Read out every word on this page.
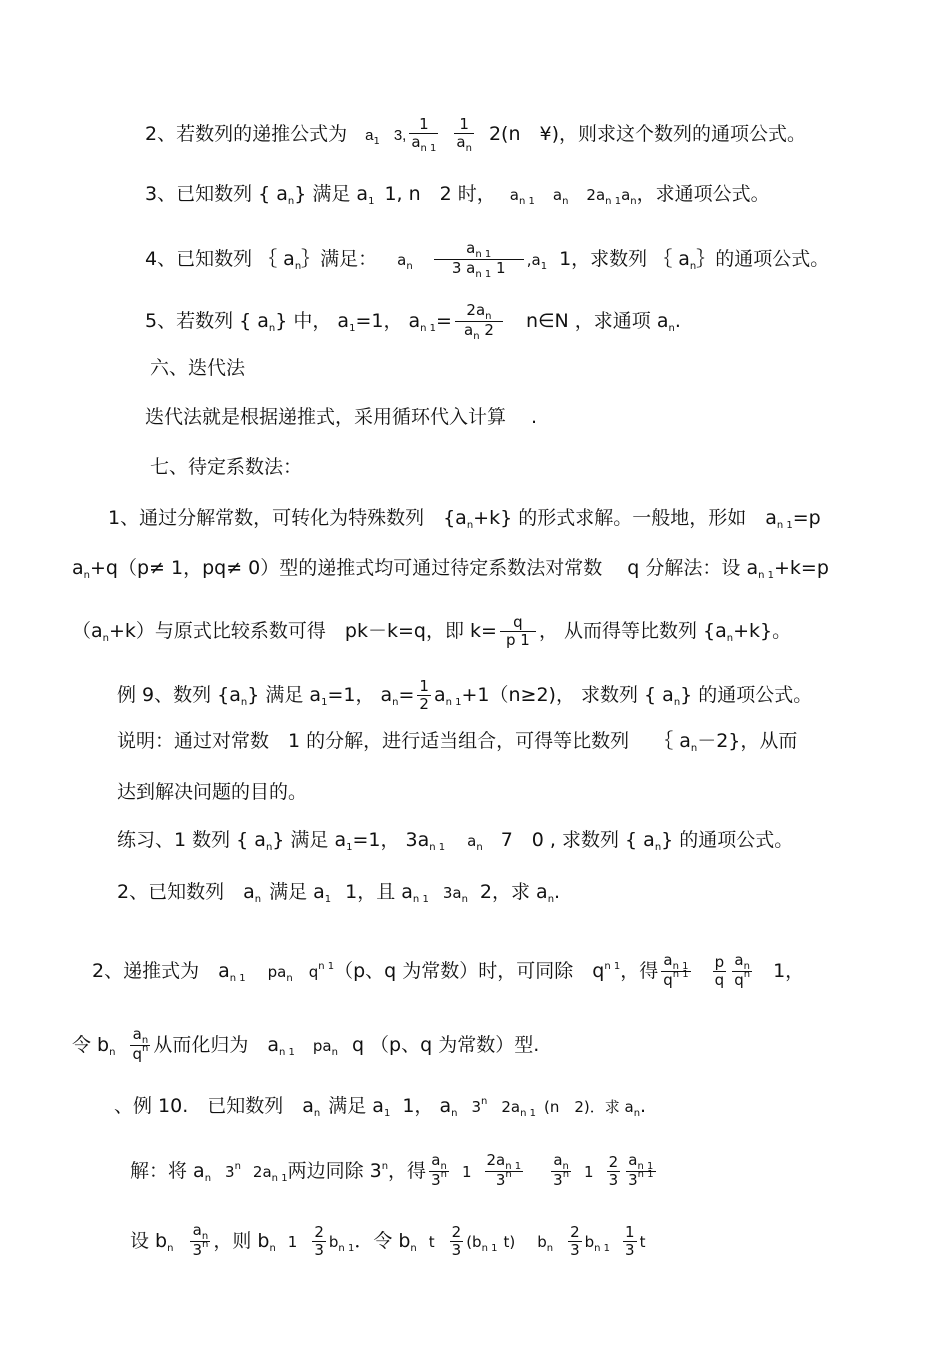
2、若数列的递推公式为 $a_1$ 3, $\frac{1}{a_{n 1}} \frac{1}{a_n} 2(n$　¥)，则求这个数列的通项公式。
3、已知数列 { $a_n$} 满足 $a_1$ 1, n　2 时， $a_{n 1}$ $a_n$ $2a_{n 1}a_n$，求通项公式。
4、已知数列 ｛ $a_n\}$满足： $a_n \frac{a_{n 1}}{3 a_{n 1} 1} ,a_1$ 1，求数列 ｛ $a_n\}$的通项公式。
5、若数列 { $a_n$} 中， $a_1=1$， $a_{n 1}= \frac{2a_n}{a_n 2}$ n∈N ，求通项 $a_n$.
六、迭代法
迭代法就是根据递推式，采用循环代入计算　 .
七、待定系数法：
1、通过分解常数，可转化为特殊数列　$\{a_n+k\}$ 的形式求解。一般地，形如　$a_{n 1}=p$
$a_n+q(p\ne 1$，pq≠ 0）型的递推式均可通过待定系数法对常数　 q 分解法：设 $a_{n 1}+k=p$
$(a_n+k)$与原式比较系数可得　pk－k=q，即 $k= \frac{q}{p 1}$ ， 从而得等比数列 $\{a_n+k\}$。
例 9、数列 $\{a_n\}$ 满足 $a_1=1$， $a_n= \frac{1}{2} a_{n 1}+1(n\ge 2)$， 求数列 { $a_n$} 的通项公式。
说明：通过对常数　1 的分解，进行适当组合，可得等比数列　 ｛ $a_n-2$}，从而
达到解决问题的目的。
练习、1 数列 { $a_n$} 满足 $a_1=1$， $3a_{n 1}$ $a_n$ 7　0 , 求数列 { $a_n$} 的通项公式。
2、已知数列　$a_n$ 满足 $a_1$ 1，且 $a_{n 1}$ $3a_n$ 2，求 $a_n$.
2、递推式为　$a_{n 1}$ $pa_n$ $q^{n 1}(p$、q 为常数）时，可同除　$q^{n 1}$，得 $\frac{a_{n 1}}{q^{n 1}} \frac{p}{q} \frac{a_n}{q^n} 1$，
令 $b_n \frac{a_n}{q^n}$ 从而化归为　$a_{n 1}$ $pa_n$ q （p、q 为常数）型.
、例 10.　已知数列　$a_n$ 满足 $a_1$ 1， $a_n$ 3$^n$ $2a_{n 1}$ (n　2)．求 $a_n$.
解：将 $a_n$ 3$^n$ $2a_{n 1}$两边同除 3$^n$，得 $\frac{a_n}{3^n} 1 \frac{2a_{n 1}}{3^n} \frac{a_n}{3^n} 1 \frac{2}{3} \frac{a_{n 1}}{3^{n 1}}$
设 $b_n \frac{a_n}{3^n}$ ，则 $b_n$ $1 \frac{2}{3} b_{n 1}$．令 $b_n$ t $\frac{2}{3} (b_{n 1}$ t) $b_n \frac{2}{3} b_{n 1} \frac{1}{3}$ t
